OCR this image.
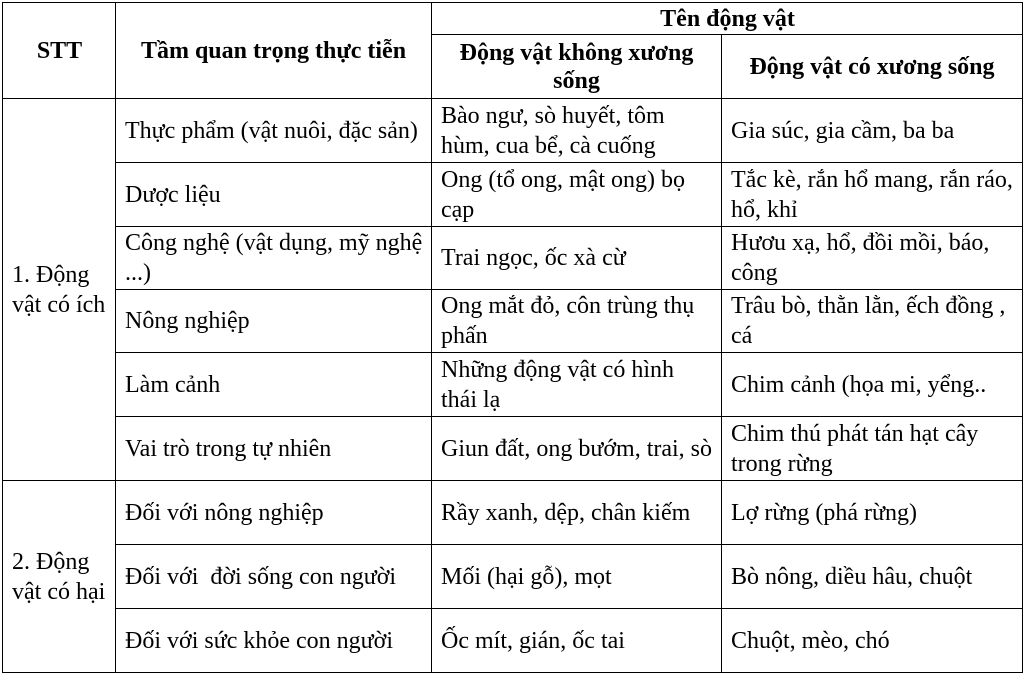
STT	Tầm quan trọng thực tiễn	Tên động vật	
		Động vật không xương sống	Động vật có xương sống
1. Động vật có ích	Thực phẩm (vật nuôi, đặc sản)	Bào ngư, sò huyết, tôm hùm, cua bể, cà cuống	Gia súc, gia cầm, ba ba
	Dược liệu	Ong (tổ ong, mật ong) bọ cạp	Tắc kè, rắn hổ mang, rắn ráo, hổ, khỉ
	Công nghệ (vật dụng, mỹ nghệ ...)	Trai ngọc, ốc xà cừ	Hươu xạ, hổ, đồi mồi, báo, công
	Nông nghiệp	Ong mắt đỏ, côn trùng thụ phấn	Trâu bò, thằn lằn, ếch đồng , cá
	Làm cảnh	Những động vật có hình thái lạ	Chim cảnh (họa mi, yểng..
	Vai trò trong tự nhiên	Giun đất, ong bướm, trai, sò	Chim thú phát tán hạt cây trong rừng
2. Động vật có hại	Đối với nông nghiệp	Rầy xanh, dệp, chân kiếm	Lợ rừng (phá rừng)
	Đối với  đời sống con người	Mối (hại gỗ), mọt	Bò nông, diều hâu, chuột
	Đối với sức khỏe con người	Ốc mít, gián, ốc tai	Chuột, mèo, chó
